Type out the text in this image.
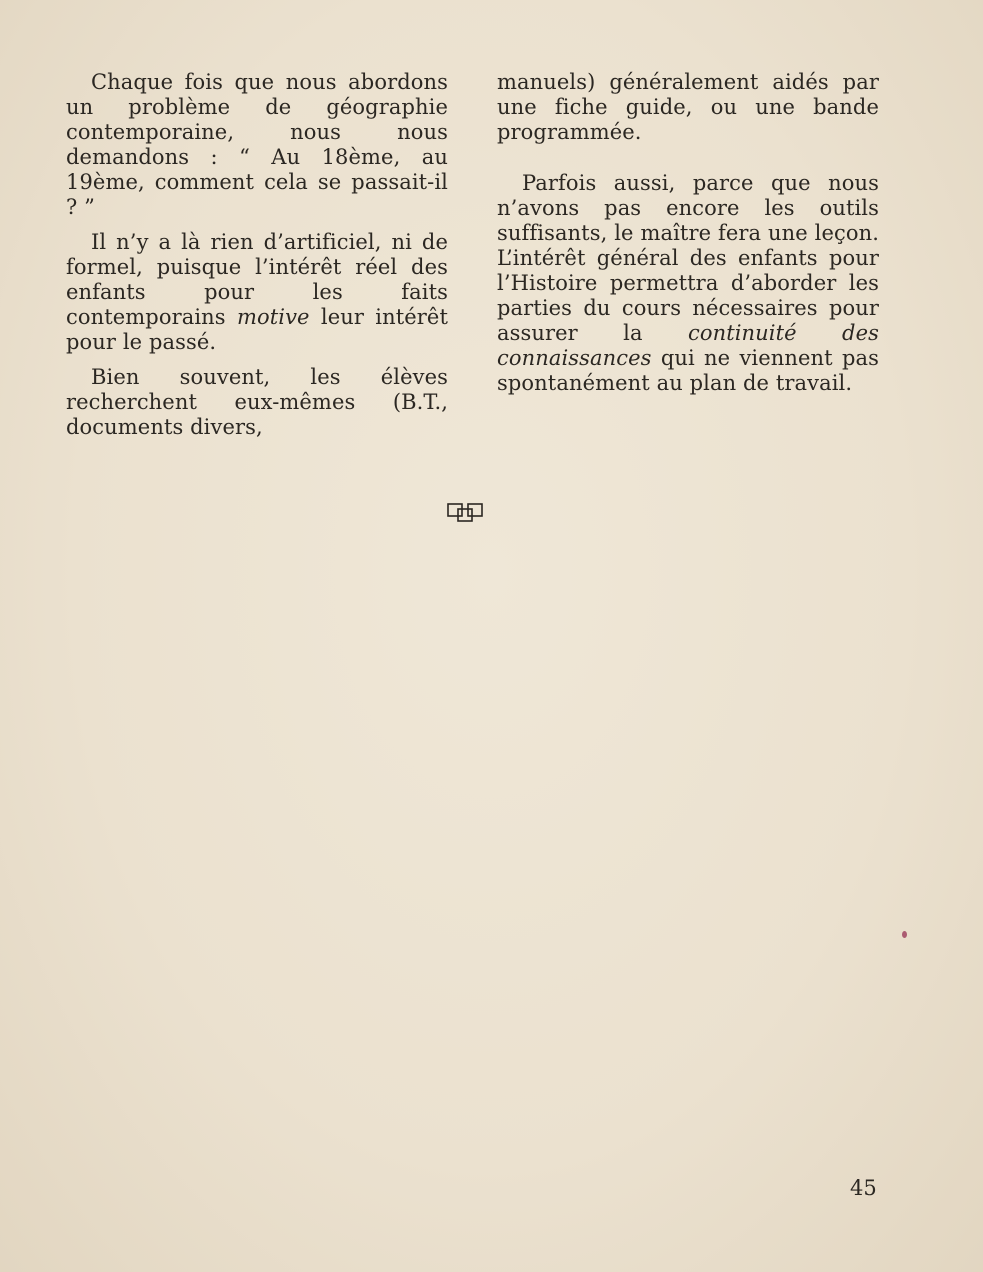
Chaque fois que nous abordons un problème de géographie contemporaine, nous nous demandons : “ Au 18ème, au 19ème, comment cela se passait-il ? ”

Il n’y a là rien d’artificiel, ni de formel, puisque l’intérêt réel des enfants pour les faits contemporains motive leur intérêt pour le passé.

Bien souvent, les élèves recherchent eux-mêmes (B.T., documents divers,

manuels) généralement aidés par une fiche guide, ou une bande programmée.

Parfois aussi, parce que nous n’avons pas encore les outils suffisants, le maître fera une leçon. L’intérêt général des enfants pour l’Histoire permettra d’aborder les parties du cours nécessaires pour assurer la continuité des connaissances qui ne viennent pas spontanément au plan de travail.

45
